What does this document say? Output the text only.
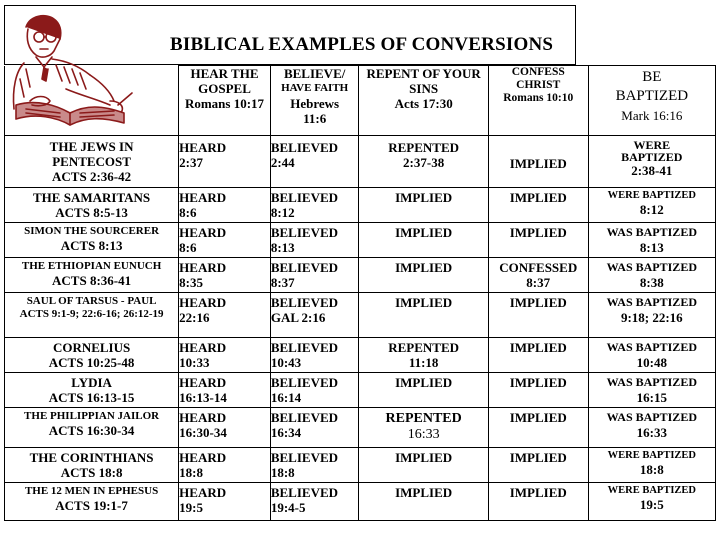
BIBLICAL EXAMPLES OF CONVERSIONS

	HEAR THE
GOSPEL
Romans 10:17	BELIEVE/
HAVE FAITH
Hebrews
11:6	REPENT OF YOUR
SINS
Acts 17:30	CONFESS
CHRIST
Romans 10:10	BE
BAPTIZED
Mark 16:16

THE JEWS IN
PENTECOST
ACTS 2:36-42	HEARD
2:37	BELIEVED
2:44	REPENTED
2:37-38	IMPLIED	WERE
BAPTIZED
2:38-41

THE SAMARITANS
ACTS 8:5-13	HEARD
8:6	BELIEVED
8:12	IMPLIED	IMPLIED	WERE BAPTIZED
8:12

SIMON THE SOURCERER
ACTS 8:13	HEARD
8:6	BELIEVED
8:13	IMPLIED	IMPLIED	WAS BAPTIZED
8:13

THE ETHIOPIAN EUNUCH
ACTS 8:36-41	HEARD
8:35	BELIEVED
8:37	IMPLIED	CONFESSED
8:37	WAS BAPTIZED
8:38

SAUL OF TARSUS - PAUL
ACTS 9:1-9; 22:6-16; 26:12-19	HEARD
22:16	BELIEVED
GAL 2:16	IMPLIED	IMPLIED	WAS BAPTIZED
9:18; 22:16

CORNELIUS
ACTS 10:25-48	HEARD
10:33	BELIEVED
10:43	REPENTED
11:18	IMPLIED	WAS BAPTIZED
10:48

LYDIA
ACTS 16:13-15	HEARD
16:13-14	BELIEVED
16:14	IMPLIED	IMPLIED	WAS BAPTIZED
16:15

THE PHILIPPIAN JAILOR
ACTS 16:30-34	HEARD
16:30-34	BELIEVED
16:34	REPENTED
16:33	IMPLIED	WAS BAPTIZED
16:33

THE CORINTHIANS
ACTS 18:8	HEARD
18:8	BELIEVED
18:8	IMPLIED	IMPLIED	WERE BAPTIZED
18:8

THE 12 MEN IN EPHESUS
ACTS 19:1-7	HEARD
19:5	BELIEVED
19:4-5	IMPLIED	IMPLIED	WERE BAPTIZED
19:5
